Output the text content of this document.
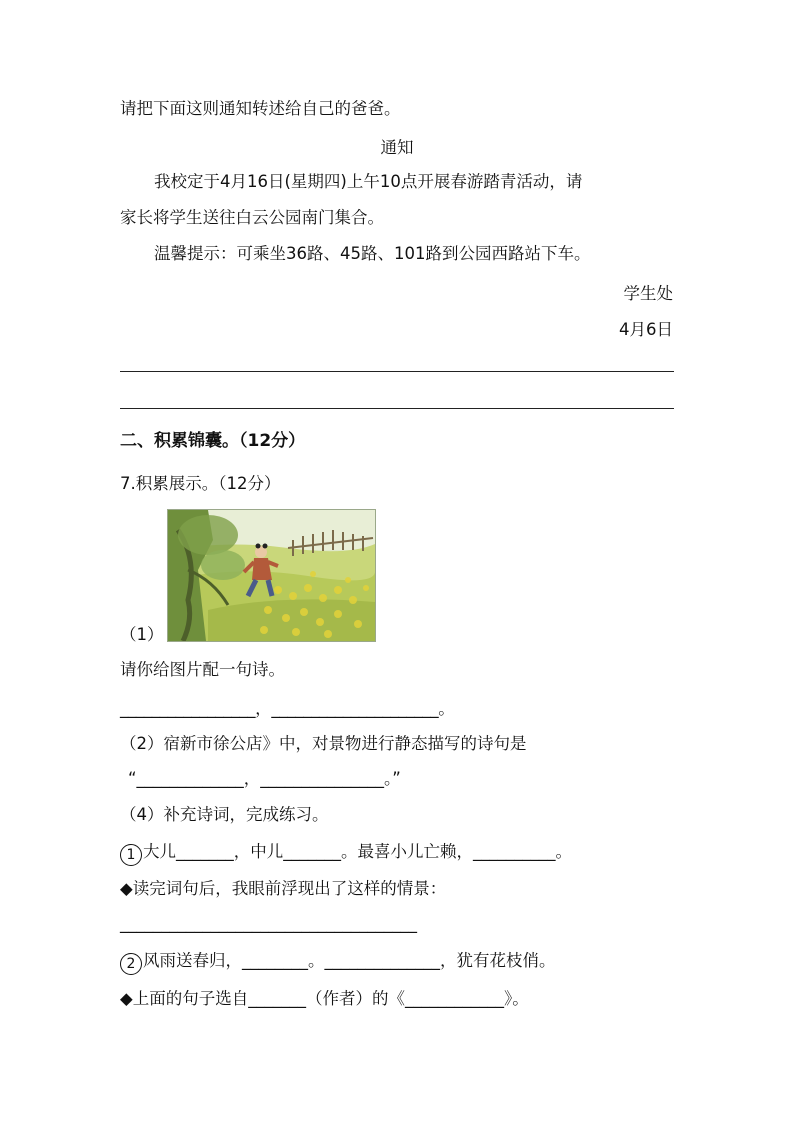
请把下面这则通知转述给自己的爸爸。
通知
我校定于4月16日(星期四)上午10点开展春游踏青活动，请
家长将学生送往白云公园南门集合。
温馨提示：可乘坐36路、45路、101路到公园西路站下车。
学生处
4月6日
二、积累锦囊。（12分）
7.积累展示。（12分）
（1）
请你给图片配一句诗。
_________________，_____________________。
（2）宿新市徐公店》中，对景物进行静态描写的诗句是
“_____________，_______________。”
（4）补充诗词，完成练习。
1 大儿_______，中儿_______。最喜小儿亡赖，__________。
◆读完词句后，我眼前浮现出了这样的情景：
____________________________________
2 风雨送春归，________。______________，犹有花枝俏。
◆上面的句子选自_______（作者）的《____________》。
